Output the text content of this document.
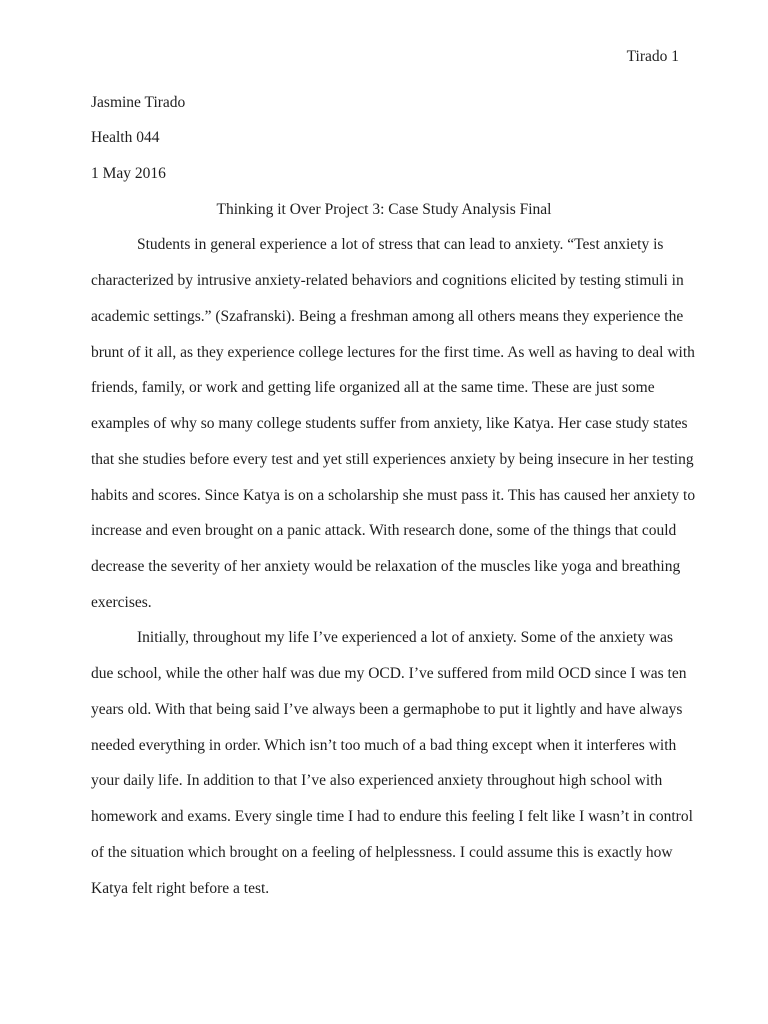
Tirado 1
Jasmine Tirado
Health 044
1 May 2016
Thinking it Over Project 3: Case Study Analysis Final
Students in general experience a lot of stress that can lead to anxiety. “Test anxiety is
characterized by intrusive anxiety-related behaviors and cognitions elicited by testing stimuli in
academic settings.” (Szafranski). Being a freshman among all others means they experience the
brunt of it all, as they experience college lectures for the first time. As well as having to deal with
friends, family, or work and getting life organized all at the same time. These are just some
examples of why so many college students suffer from anxiety, like Katya. Her case study states
that she studies before every test and yet still experiences anxiety by being insecure in her testing
habits and scores. Since Katya is on a scholarship she must pass it. This has caused her anxiety to
increase and even brought on a panic attack. With research done, some of the things that could
decrease the severity of her anxiety would be relaxation of the muscles like yoga and breathing
exercises.
Initially, throughout my life I’ve experienced a lot of anxiety. Some of the anxiety was
due school, while the other half was due my OCD. I’ve suffered from mild OCD since I was ten
years old. With that being said I’ve always been a germaphobe to put it lightly and have always
needed everything in order. Which isn’t too much of a bad thing except when it interferes with
your daily life. In addition to that I’ve also experienced anxiety throughout high school with
homework and exams. Every single time I had to endure this feeling I felt like I wasn’t in control
of the situation which brought on a feeling of helplessness. I could assume this is exactly how
Katya felt right before a test.
